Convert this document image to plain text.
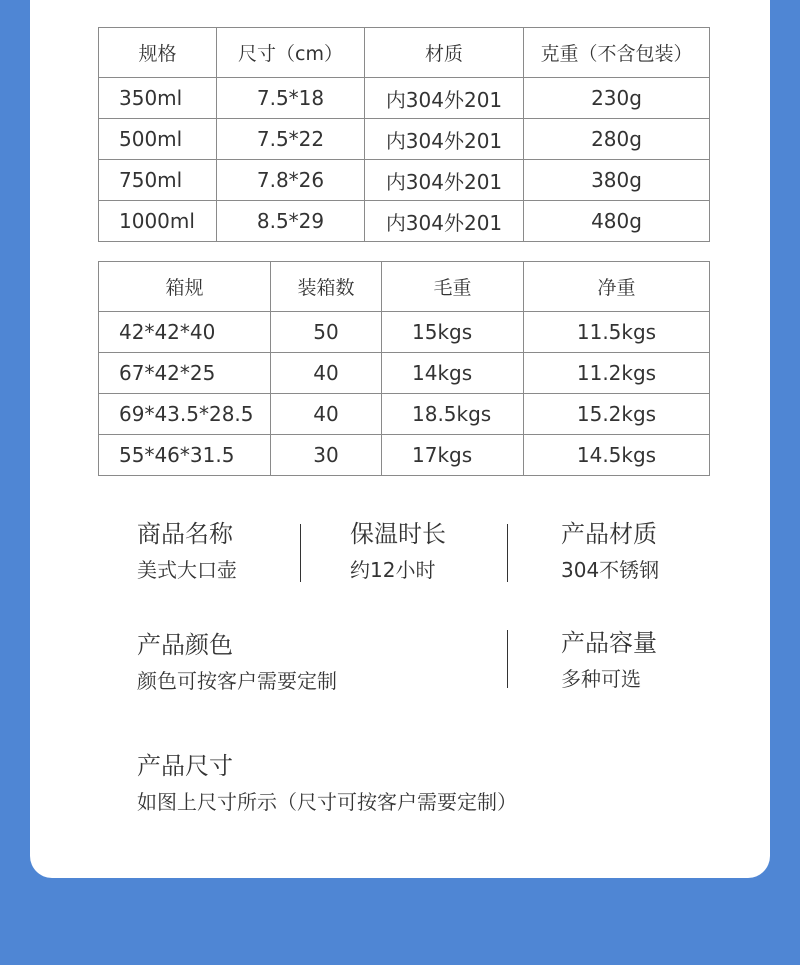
规格	尺寸（cm）	材质	克重（不含包装）
350ml	7.5*18	内304外201	230g
500ml	7.5*22	内304外201	280g
750ml	7.8*26	内304外201	380g
1000ml	8.5*29	内304外201	480g
箱规	装箱数	毛重	净重
42*42*40	50	15kgs	11.5kgs
67*42*25	40	14kgs	11.2kgs
69*43.5*28.5	40	18.5kgs	15.2kgs
55*46*31.5	30	17kgs	14.5kgs
商品名称
美式大口壶
保温时长
约12小时
产品材质
304不锈钢
产品颜色
颜色可按客户需要定制
产品容量
多种可选
产品尺寸
如图上尺寸所示（尺寸可按客户需要定制）
